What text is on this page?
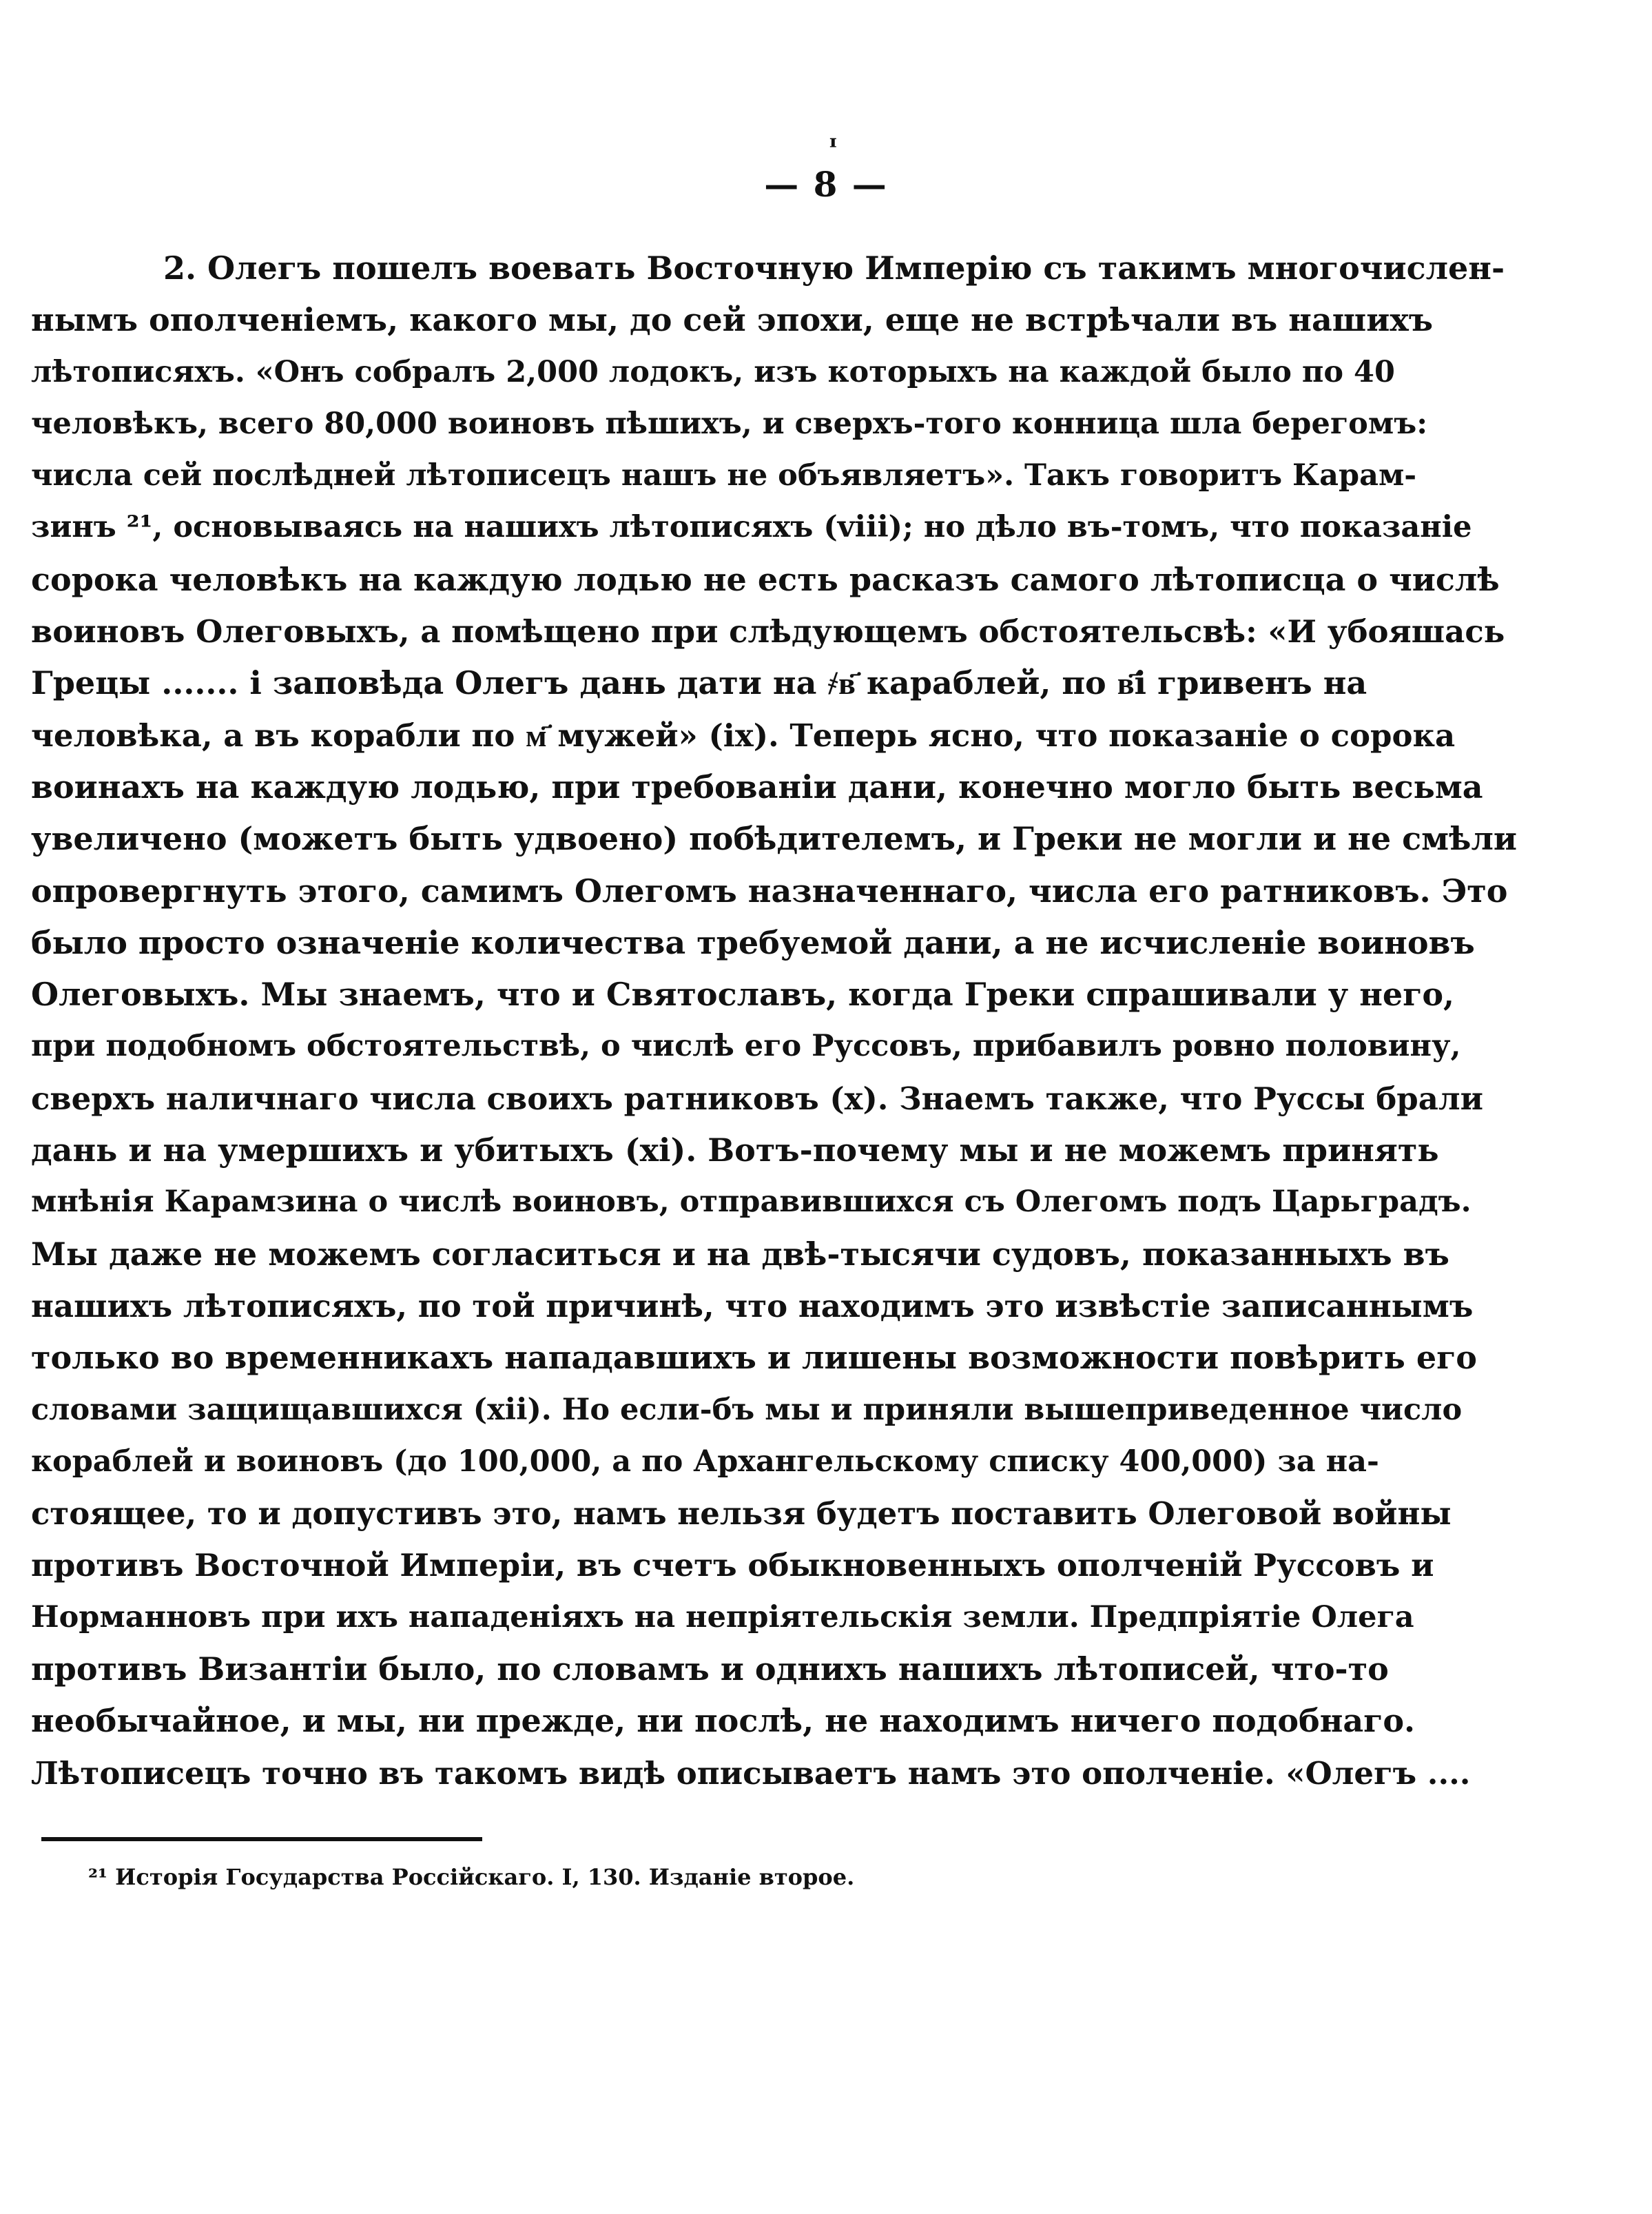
— 8 —
ᶦ

2. Олегъ пошелъ воевать Восточную Имперію съ такимъ многочислен-
нымъ ополченіемъ, какого мы, до сей эпохи, еще не встрѣчали въ нашихъ
лѣтописяхъ. «Онъ собралъ 2,000 лодокъ, изъ которыхъ на каждой было по 40
человѣкъ, всего 80,000 воиновъ пѣшихъ, и сверхъ-того конница шла берегомъ:
числа сей послѣдней лѣтописецъ нашъ не объявляетъ». Такъ говоритъ Карам-
зинъ ²¹, основываясь на нашихъ лѣтописяхъ (viii); но дѣло въ-томъ, что показаніе
сорока человѣкъ на каждую лодью не есть расказъ самого лѣтописца о числѣ
воиновъ Олеговыхъ, а помѣщено при слѣдующемъ обстоятельсвѣ: «И убояшась
Грецы ....... і заповѣда Олегъ дань дати на ҂в҃ караблей, по в҃і гривенъ на
человѣка, а въ корабли по м҃ мужей» (ix). Теперь ясно, что показаніе о сорока
воинахъ на каждую лодью, при требованіи дани, конечно могло быть весьма
увеличено (можетъ быть удвоено) побѣдителемъ, и Греки не могли и не смѣли
опровергнуть этого, самимъ Олегомъ назначеннаго, числа его ратниковъ. Это
было просто означеніе количества требуемой дани, а не исчисленіе воиновъ
Олеговыхъ. Мы знаемъ, что и Святославъ, когда Греки спрашивали у него,
при подобномъ обстоятельствѣ, о числѣ его Руссовъ, прибавилъ ровно половину,
сверхъ наличнаго числа своихъ ратниковъ (x). Знаемъ также, что Руссы брали
дань и на умершихъ и убитыхъ (xi). Вотъ-почему мы и не можемъ принять
мнѣнія Карамзина о числѣ воиновъ, отправившихся съ Олегомъ подъ Царьградъ.
Мы даже не можемъ согласиться и на двѣ-тысячи судовъ, показанныхъ въ
нашихъ лѣтописяхъ, по той причинѣ, что находимъ это извѣстіе записаннымъ
только во временникахъ нападавшихъ и лишены возможности повѣрить его
словами защищавшихся (xii). Но если-бъ мы и приняли вышеприведенное число
кораблей и воиновъ (до 100,000, а по Архангельскому списку 400,000) за на-
стоящее, то и допустивъ это, намъ нельзя будетъ поставить Олеговой войны
противъ Восточной Имперіи, въ счетъ обыкновенныхъ ополченій Руссовъ и
Норманновъ при ихъ нападеніяхъ на непріятельскія земли. Предпріятіе Олега
противъ Византіи было, по словамъ и однихъ нашихъ лѣтописей, что-то
необычайное, и мы, ни прежде, ни послѣ, не находимъ ничего подобнаго.
Лѣтописецъ точно въ такомъ видѣ описываетъ намъ это ополченіе. «Олегъ ....

²¹ Исторія Государства Россійскаго. I, 130. Изданіе второе.
